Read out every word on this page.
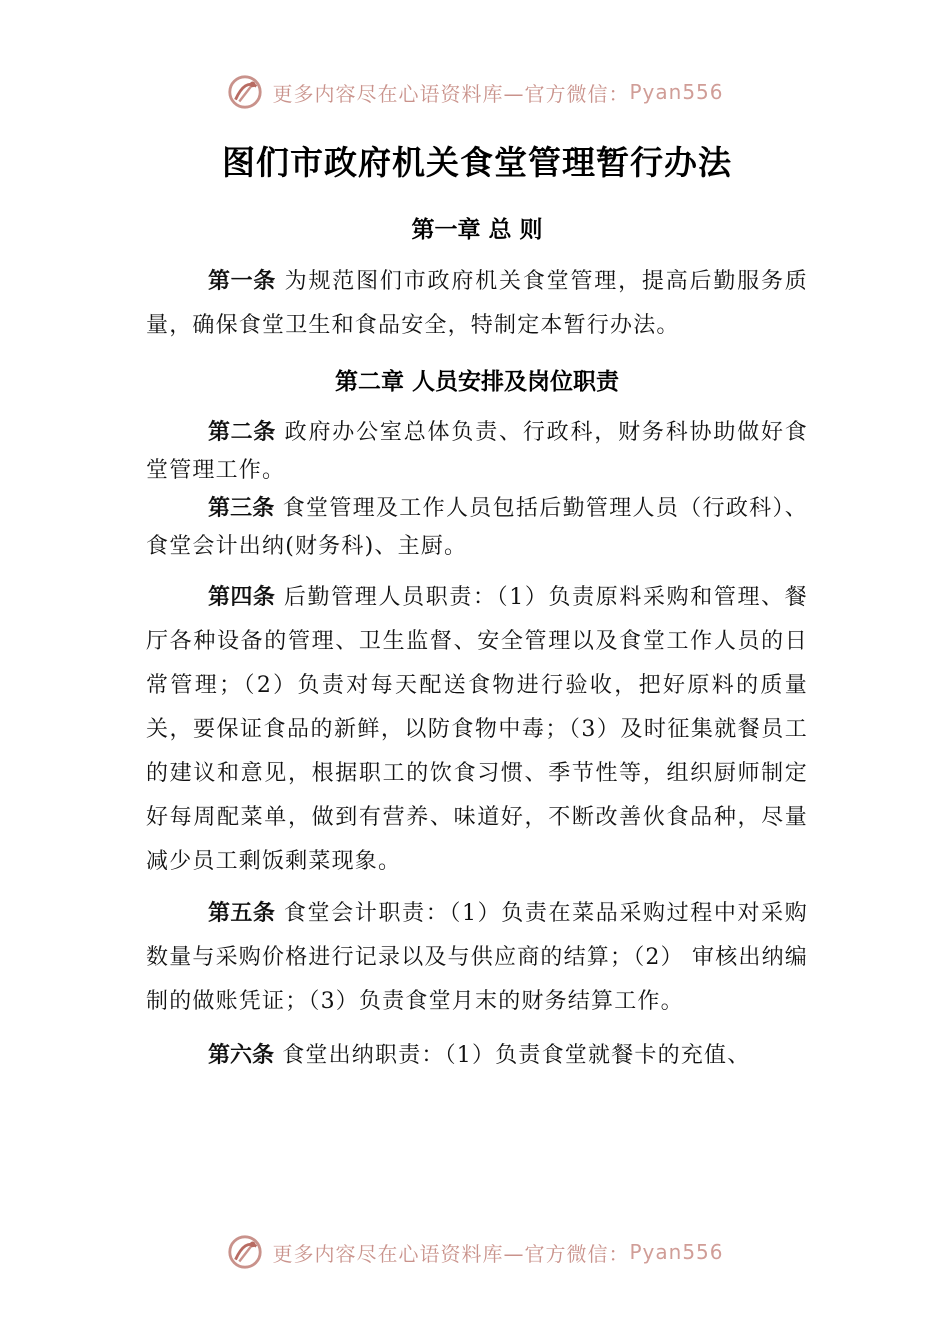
更多内容尽在心语资料库—官方微信： Pyan556
图们市政府机关食堂管理暂行办法
第一章 总 则

第一条 为规范图们市政府机关食堂管理，提高后勤服务质量，确保食堂卫生和食品安全，特制定本暂行办法。

第二章 人员安排及岗位职责

第二条 政府办公室总体负责、行政科，财务科协助做好食堂管理工作。

第三条 食堂管理及工作人员包括后勤管理人员（行政科）、食堂会计出纳(财务科)、主厨。

第四条 后勤管理人员职责：（1）负责原料采购和管理、餐厅各种设备的管理、卫生监督、安全管理以及食堂工作人员的日常管理；（2）负责对每天配送食物进行验收，把好原料的质量关，要保证食品的新鲜，以防食物中毒；（3）及时征集就餐员工的建议和意见，根据职工的饮食习惯、季节性等，组织厨师制定好每周配菜单，做到有营养、味道好，不断改善伙食品种，尽量减少员工剩饭剩菜现象。

第五条 食堂会计职责：（1）负责在菜品采购过程中对采购数量与采购价格进行记录以及与供应商的结算；（2） 审核出纳编制的做账凭证；（3）负责食堂月末的财务结算工作。

第六条 食堂出纳职责：（1）负责食堂就餐卡的充值、

更多内容尽在心语资料库—官方微信： Pyan556
